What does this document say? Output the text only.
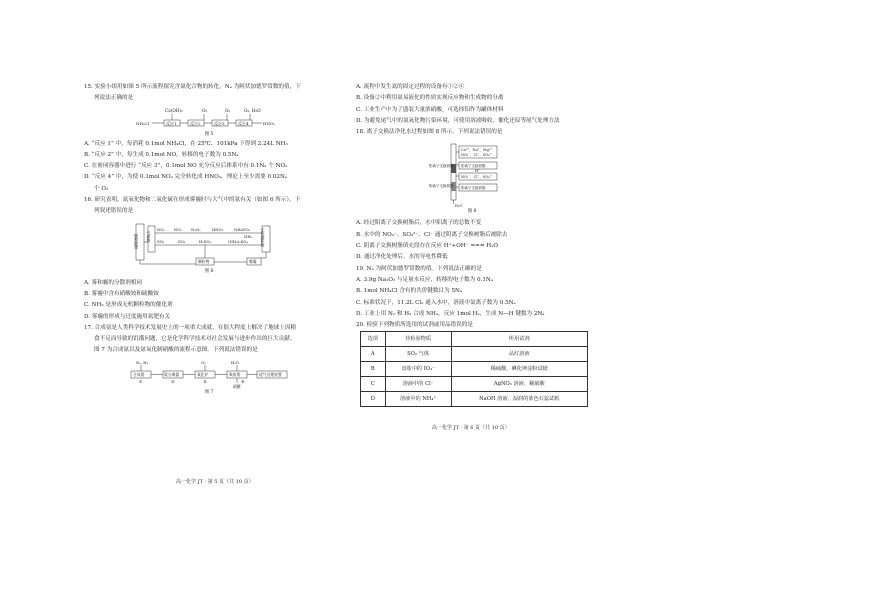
15. 实验小组用如图 5 所示流程探究含氮化合物的转化。Nₐ 为阿伏加德罗常数的值，下
列说法正确的是
Ca(OH)₂	O₂	O₂	O₂, H₂O
NH₄Cl	反应1	反应2	反应3	反应4	HNO₃
图 5
A. “反应 1” 中，每消耗 0.1mol NH₄Cl，在 25℃、101kPa 下得到 2.24L NH₃
B. “反应 2” 中，每生成 0.1mol NO，转移的电子数为 0.5Nₐ
C. 在密闭容器中进行 “反应 3”，0.1mol NO 充分反应后体系中有 0.1Nₐ 个 NO₂
D. “反应 4” 中，为使 0.1mol NO₂ 完全转化成 HNO₃，理论上至少需要 0.02Nₐ
个 O₂
16. 研究表明，氮氧化物和二氧化硫在形成雾霾时与大气中的氨有关（如图 6 所示）。下
列叙述错误的是
燃料燃烧 气体物	无机颗粒物
NOₓ NO₂ N₂O₅	HNO₃	NH₄NO₃
SO₂	SO₃	H₂SO₄	(NH₄)₂SO₄
NH₃
颗粒物	雾霾
图 6
A. 雾和霾的分散剂相同
B. 雾霾中含有硝酸铵和硫酸铵
C. NH₃ 是形成无机颗粒物的催化剂
D. 雾霾的形成与过度施用氮肥有关
17. 合成氨是人类科学技术发展史上的一项重大成就，在很大程度上解决了地球上因粮
食不足而导致的饥饿问题，它是化学科学技术对社会发展与进步作出的巨大贡献。
图 7 为合成氨以及氨氧化制硝酸的流程示意图。下列说法错误的是
N₂, H₂	O₂	H₂O
合成塔	氨分离器	氧化炉	吸收塔	尾气处理装置
①	②	③	④
硝酸
图 7
高一化学 JT · 第 5 页（共 10 页）
A. 流程中发生氮的固定过程的设备有①②④
B. 设备②中利用氨易液化的性质实现反应物和生成物的分离
C. 工业生产中为了盛装大量浓硝酸，可选择铝作为罐体材料
D. 为避免尾气中的氮氧化物污染环境，可使用溶液吸收、催化还原等尾气处理方法
18. 离子交换法净化水过程如图 8 所示。下列说法错误的是
Ca²⁺、Na⁺、Mg²⁺
NO₃⁻、Cl⁻、SO₄²⁻
阳离子交换树脂
阳离子交换树脂
H⁺
NO₃⁻、Cl⁻、SO₄²⁻
阴离子交换树脂
阴离子交换树脂
H₂O
图 8
A. 经过阳离子交换树脂后，水中阳离子的总数不变
B. 水中的 NO₃⁻、SO₄²⁻、Cl⁻ 通过阴离子交换树脂后被除去
C. 阴离子交换树脂填充段存在反应 H⁺+OH⁻ === H₂O
D. 通过净化处理后，水的导电性降低
19. Nₐ 为阿伏加德罗常数的值。下列说法正确的是
A. 3.9g Na₂O₂ 与足量水反应，转移的电子数为 0.1Nₐ
B. 1mol NH₄Cl 含有的共价键数目为 5Nₐ
C. 标准状况下，11.2L Cl₂ 通入水中，溶液中氯离子数为 0.5Nₐ
D. 工业上用 N₂ 和 H₂ 合成 NH₃，反应 1mol H₂，生成 N—H 键数为 2Nₐ
20. 检验下列物质所选用的试剂或用品错误的是
选项	待检验物质	所用试剂
A	SO₂ 气体	品红溶液
B	食盐中的 IO₃⁻	稀硫酸、碘化钾淀粉试纸
C	溶液中的 Cl⁻	AgNO₃ 溶液、稀硝酸
D	溶液中的 NH₄⁺	NaOH 溶液、湿润的蓝色石蕊试纸
高一化学 JT · 第 6 页（共 10 页）
